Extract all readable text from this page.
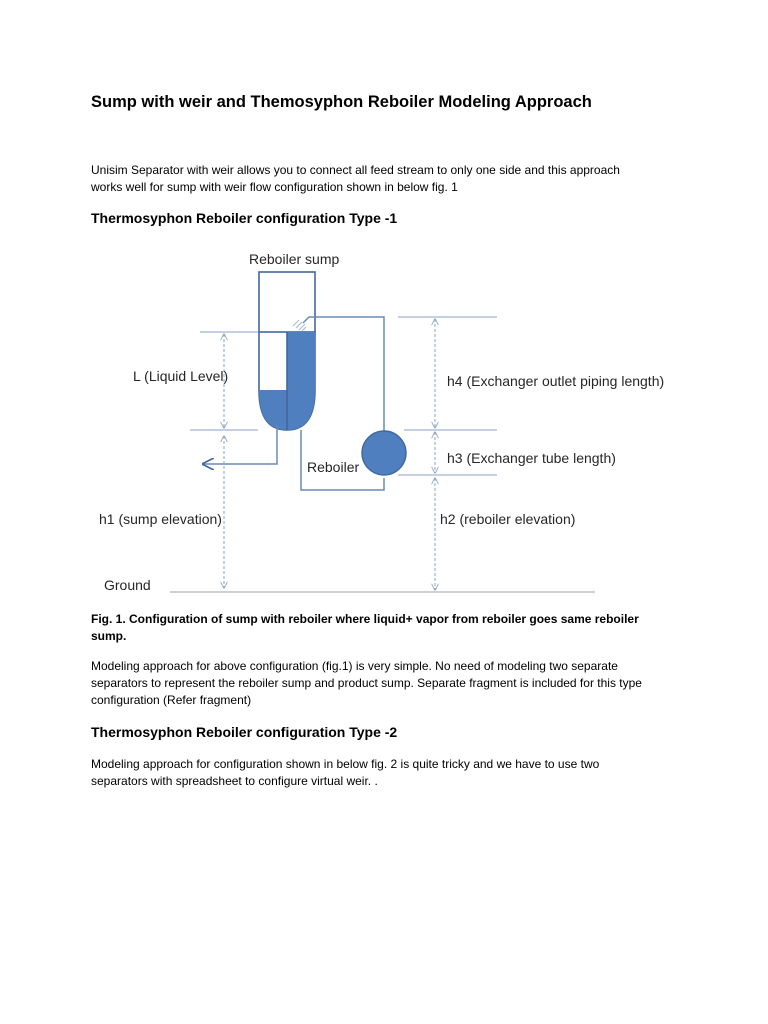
Sump with weir and Themosyphon Reboiler Modeling Approach

Unisim Separator with weir allows you to connect all feed stream to only one side and this approach
works well for sump with weir flow configuration shown in below fig. 1

Thermosyphon Reboiler configuration Type -1
Reboiler sump
Reboiler
L (Liquid Level)
h1 (sump elevation)
h4 (Exchanger outlet piping length)
h3 (Exchanger tube length)
h2 (reboiler elevation)
Ground

Fig. 1. Configuration of sump with reboiler where liquid+ vapor from reboiler goes same reboiler
sump.

Modeling approach for above configuration (fig.1) is very simple. No need of modeling two separate
separators to represent the reboiler sump and product sump. Separate fragment is included for this type
configuration (Refer fragment)

Thermosyphon Reboiler configuration Type -2

Modeling approach for configuration shown in below fig. 2 is quite tricky and we have to use two
separators with spreadsheet to configure virtual weir. .
